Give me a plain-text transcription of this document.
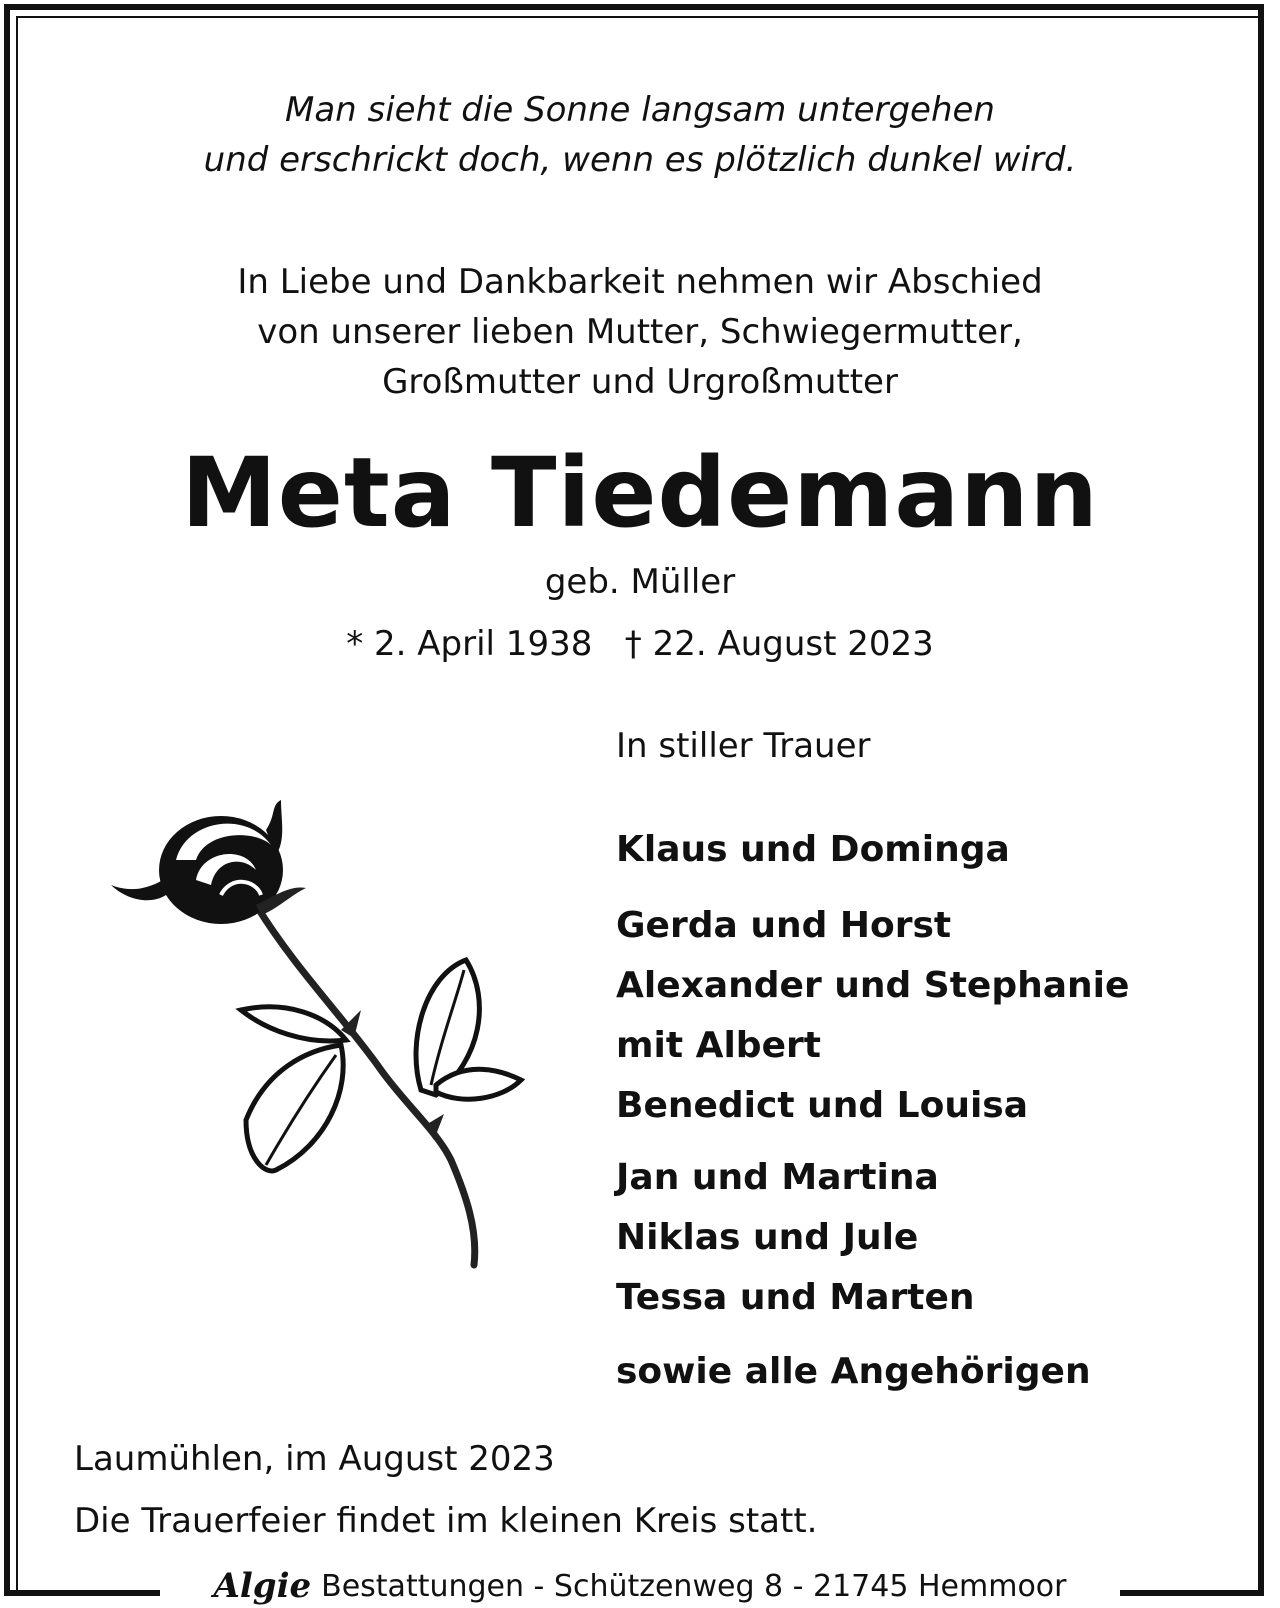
Man sieht die Sonne langsam untergehen
und erschrickt doch, wenn es plötzlich dunkel wird.
In Liebe und Dankbarkeit nehmen wir Abschied
von unserer lieben Mutter, Schwiegermutter,
Großmutter und Urgroßmutter
Meta Tiedemann
geb. Müller
* 2. April 1938   † 22. August 2023
In stiller Trauer
Klaus und Dominga
Gerda und Horst
Alexander und Stephanie
mit Albert
Benedict und Louisa
Jan und Martina
Niklas und Jule
Tessa und Marten
sowie alle Angehörigen
Laumühlen, im August 2023
Die Trauerfeier findet im kleinen Kreis statt.
Algie Bestattungen - Schützenweg 8 - 21745 Hemmoor
